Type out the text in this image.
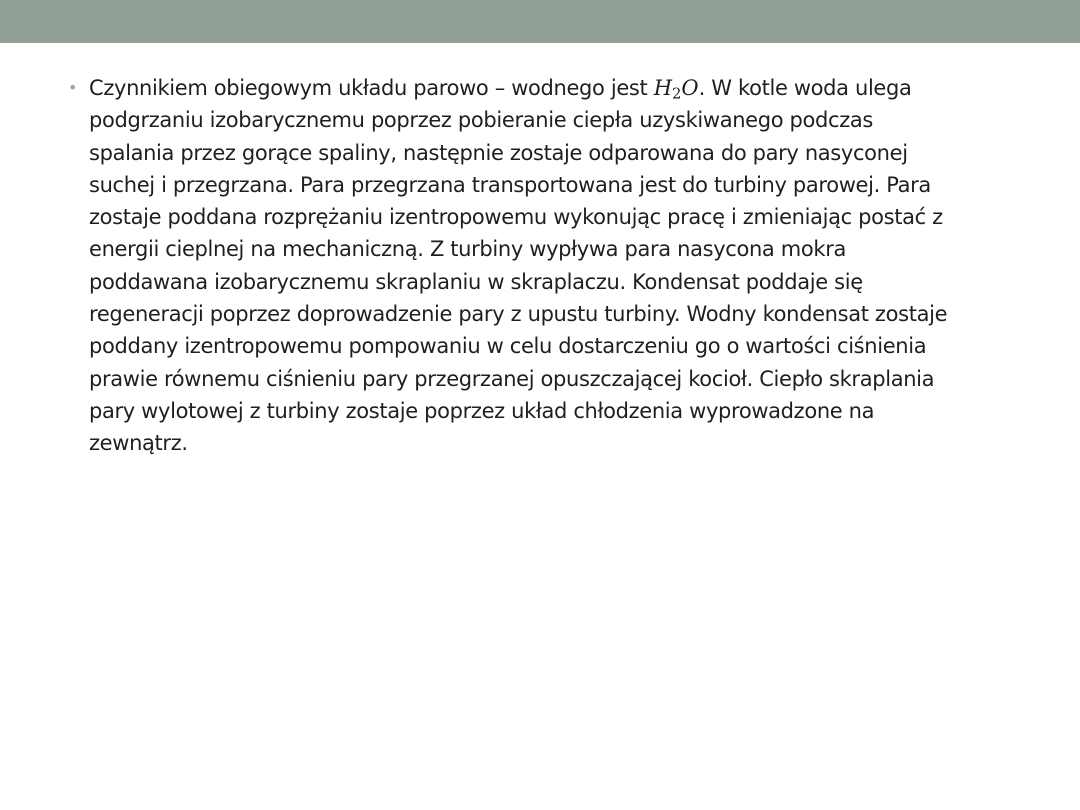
• Czynnikiem obiegowym układu parowo – wodnego jest $H_2O$. W kotle woda ulega
podgrzaniu izobarycznemu poprzez pobieranie ciepła uzyskiwanego podczas
spalania przez gorące spaliny, następnie zostaje odparowana do pary nasyconej
suchej i przegrzana. Para przegrzana transportowana jest do turbiny parowej. Para
zostaje poddana rozprężaniu izentropowemu wykonując pracę i zmieniając postać z
energii cieplnej na mechaniczną. Z turbiny wypływa para nasycona mokra
poddawana izobarycznemu skraplaniu w skraplaczu. Kondensat poddaje się
regeneracji poprzez doprowadzenie pary z upustu turbiny. Wodny kondensat zostaje
poddany izentropowemu pompowaniu w celu dostarczeniu go o wartości ciśnienia
prawie równemu ciśnieniu pary przegrzanej opuszczającej kocioł. Ciepło skraplania
pary wylotowej z turbiny zostaje poprzez układ chłodzenia wyprowadzone na
zewnątrz.
